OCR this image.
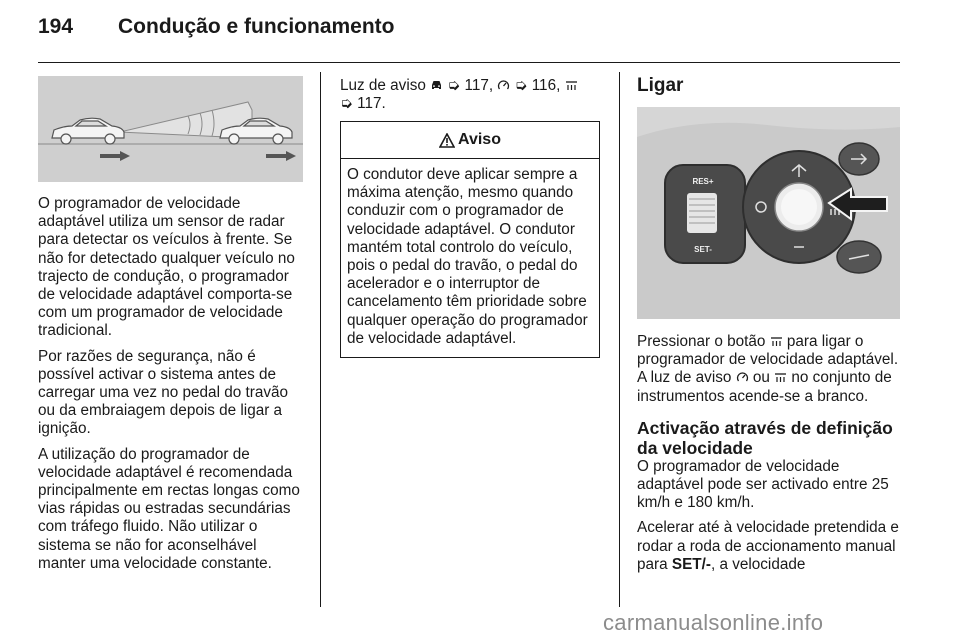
194 Condução e funcionamento

O programador de velocidade adaptável utiliza um sensor de radar para detectar os veículos à frente. Se não for detectado qualquer veículo no trajecto de condução, o programador de velocidade adaptável comporta-se com um programador de velocidade tradicional.

Por razões de segurança, não é possível activar o sistema antes de carregar uma vez no pedal do travão ou da embraiagem depois de ligar a ignição.

A utilização do programador de velocidade adaptável é recomendada principalmente em rectas longas como vias rápidas ou estradas secundárias com tráfego fluido. Não utilizar o sistema se não for aconselhável manter uma velocidade constante.

Luz de aviso ➭ 117, ➭ 116,
➭ 117.
Aviso
O condutor deve aplicar sempre a máxima atenção, mesmo quando conduzir com o programador de velocidade adaptável. O condutor mantém total controlo do veículo, pois o pedal do travão, o pedal do acelerador e o interruptor de cancelamento têm prioridade sobre qualquer operação do programador de velocidade adaptável.
Ligar
RES+
SET-

Pressionar o botão para ligar o programador de velocidade adaptável. A luz de aviso ou no conjunto de instrumentos acende-se a branco.

Activação através de definição da velocidade

O programador de velocidade adaptável pode ser activado entre 25 km/h e 180 km/h.

Acelerar até à velocidade pretendida e rodar a roda de accionamento manual para SET/-, a velocidade

carmanualsonline.info
